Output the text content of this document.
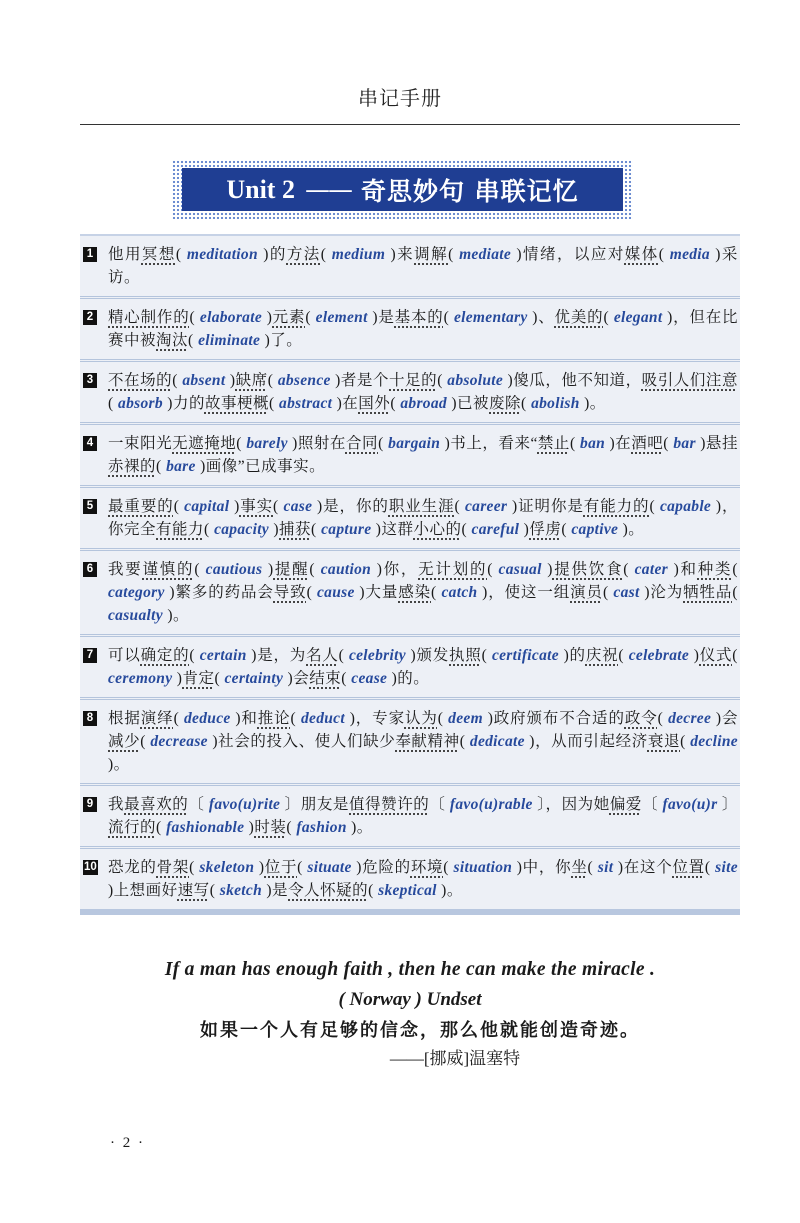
串记手册
Unit 2 —— 奇思妙句 串联记忆
1 他用冥想( meditation )的方法( medium )来调解( mediate )情绪，以应对媒体( media )采访。

2 精心制作的( elaborate )元素( element )是基本的( elementary )、优美的( elegant )，但在比赛中被淘汰( eliminate )了。

3 不在场的( absent )缺席( absence )者是个十足的( absolute )傻瓜，他不知道，吸引人们注意( absorb )力的故事梗概( abstract )在国外( abroad )已被废除( abolish )。

4 一束阳光无遮掩地( barely )照射在合同( bargain )书上，看来“禁止( ban )在酒吧( bar )悬挂赤裸的( bare )画像”已成事实。

5 最重要的( capital )事实( case )是，你的职业生涯( career )证明你是有能力的( capable )，你完全有能力( capacity )捕获( capture )这群小心的( careful )俘虏( captive )。

6 我要谨慎的( cautious )提醒( caution )你，无计划的( casual )提供饮食( cater )和种类( category )繁多的药品会导致( cause )大量感染( catch )，使这一组演员( cast )沦为牺牲品( casualty )。

7 可以确定的( certain )是，为名人( celebrity )颁发执照( certificate )的庆祝( celebrate )仪式( ceremony )肯定( certainty )会结束( cease )的。

8 根据演绎( deduce )和推论( deduct )，专家认为( deem )政府颁布不合适的政令( decree )会减少( decrease )社会的投入、使人们缺少奉献精神( dedicate )，从而引起经济衰退( decline )。

9 我最喜欢的〔 favo(u)rite 〕朋友是值得赞许的〔 favo(u)rable 〕，因为她偏爱〔 favo(u)r 〕流行的( fashionable )时装( fashion )。

10 恐龙的骨架( skeleton )位于( situate )危险的环境( situation )中，你坐( sit )在这个位置( site )上想画好速写( sketch )是令人怀疑的( skeptical )。

If a man has enough faith , then he can make the miracle .
( Norway ) Undset
如果一个人有足够的信念，那么他就能创造奇迹。
——[挪威]温塞特
· 2 ·
